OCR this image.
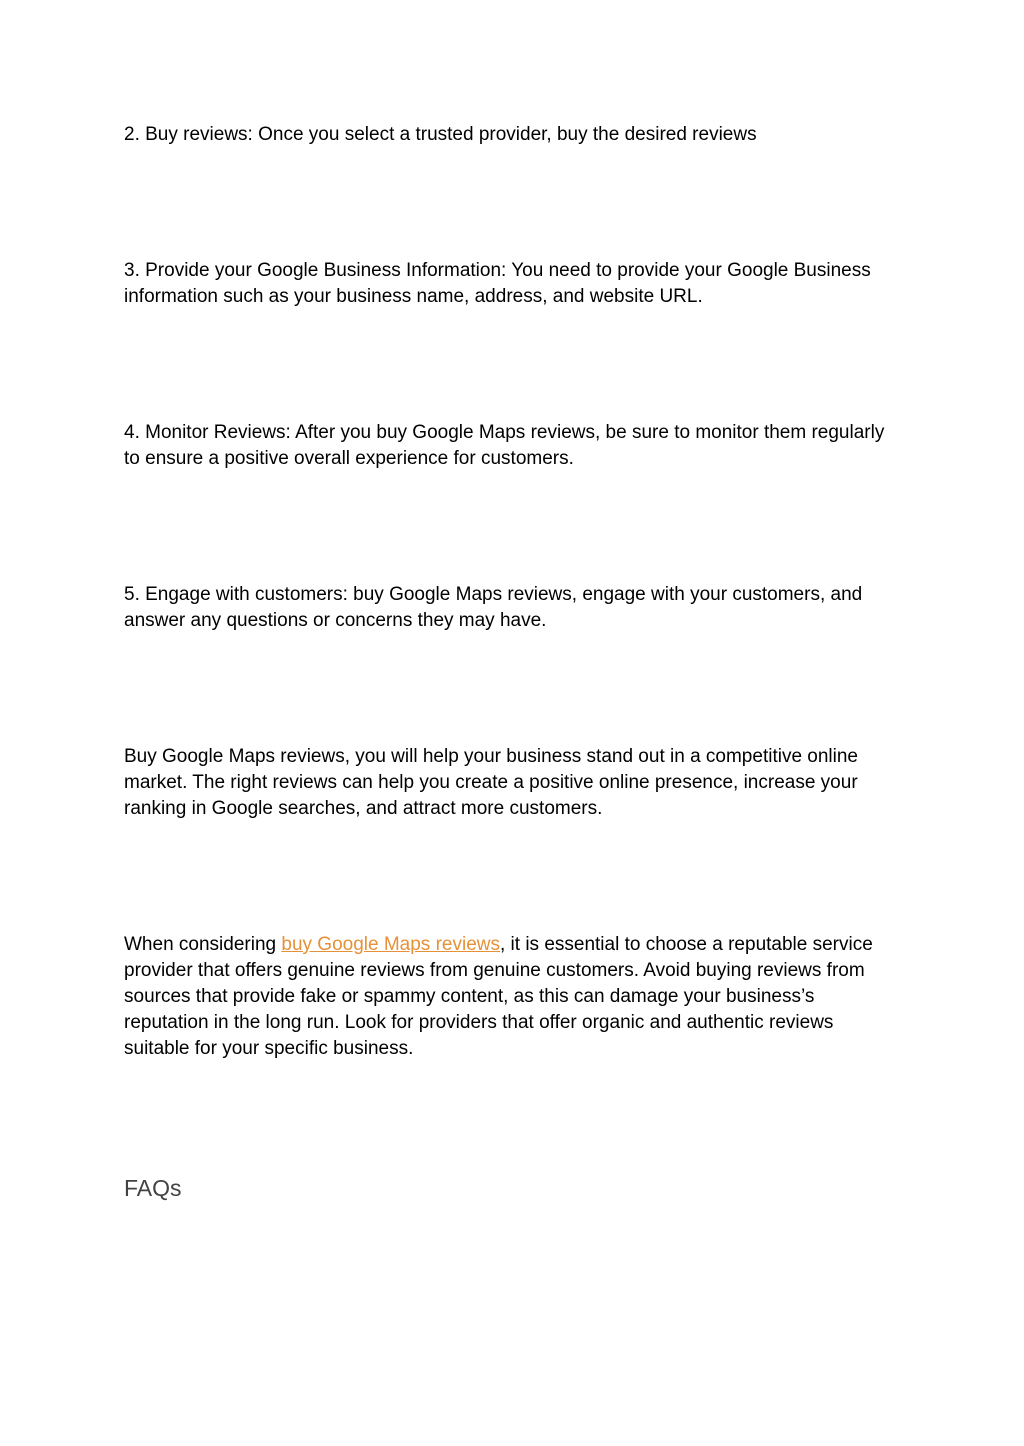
2. Buy reviews: Once you select a trusted provider, buy the desired reviews

3. Provide your Google Business Information: You need to provide your Google Business information such as your business name, address, and website URL.

4. Monitor Reviews: After you buy Google Maps reviews, be sure to monitor them regularly to ensure a positive overall experience for customers.

5. Engage with customers: buy Google Maps reviews, engage with your customers, and answer any questions or concerns they may have.

Buy Google Maps reviews, you will help your business stand out in a competitive online market. The right reviews can help you create a positive online presence, increase your ranking in Google searches, and attract more customers.

When considering buy Google Maps reviews, it is essential to choose a reputable service provider that offers genuine reviews from genuine customers. Avoid buying reviews from sources that provide fake or spammy content, as this can damage your business’s reputation in the long run. Look for providers that offer organic and authentic reviews suitable for your specific business.

FAQs
